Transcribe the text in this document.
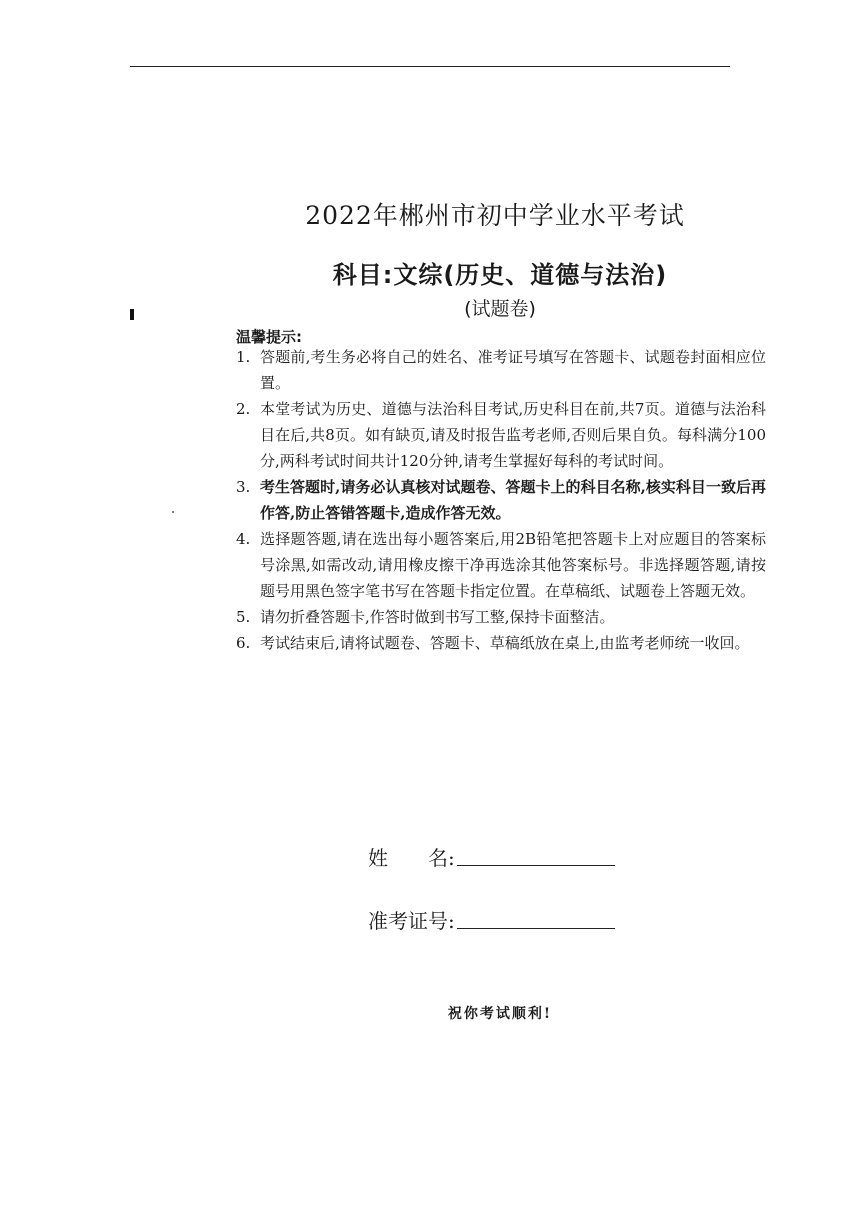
2022年郴州市初中学业水平考试
科目:文综(历史、道德与法治)
(试题卷)
温馨提示:
1. 答题前,考生务必将自己的姓名、准考证号填写在答题卡、试题卷封面相应位置。
2. 本堂考试为历史、道德与法治科目考试,历史科目在前,共7页。道德与法治科目在后,共8页。如有缺页,请及时报告监考老师,否则后果自负。每科满分100分,两科考试时间共计120分钟,请考生掌握好每科的考试时间。
3. 考生答题时,请务必认真核对试题卷、答题卡上的科目名称,核实科目一致后再作答,防止答错答题卡,造成作答无效。
4. 选择题答题,请在选出每小题答案后,用2B铅笔把答题卡上对应题目的答案标号涂黑,如需改动,请用橡皮擦干净再选涂其他答案标号。非选择题答题,请按题号用黑色签字笔书写在答题卡指定位置。在草稿纸、试题卷上答题无效。
5. 请勿折叠答题卡,作答时做到书写工整,保持卡面整洁。
6. 考试结束后,请将试题卷、答题卡、草稿纸放在桌上,由监考老师统一收回。
姓　　名:
准考证号:
祝你考试顺利!
